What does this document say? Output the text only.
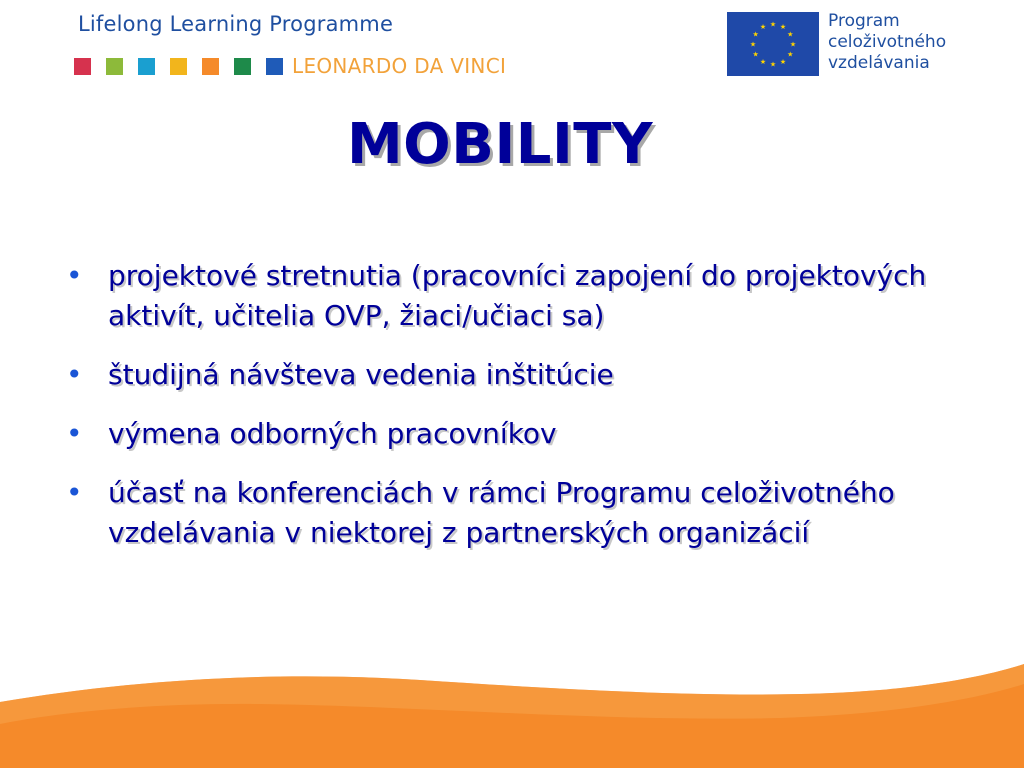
Lifelong Learning Programme
LEONARDO DA VINCI
★ ★
★
★
★
★
★
★
★
★
★
★	Program
celoživotného
vzdelávania
MOBILITY
• projektové stretnutia (pracovníci zapojení do projektových aktivít, učitelia OVP, žiaci/učiaci sa)
• študijná návšteva vedenia inštitúcie
• výmena odborných pracovníkov
• účasť na konferenciách v rámci Programu celoživotného vzdelávania v niektorej z partnerských organizácií
